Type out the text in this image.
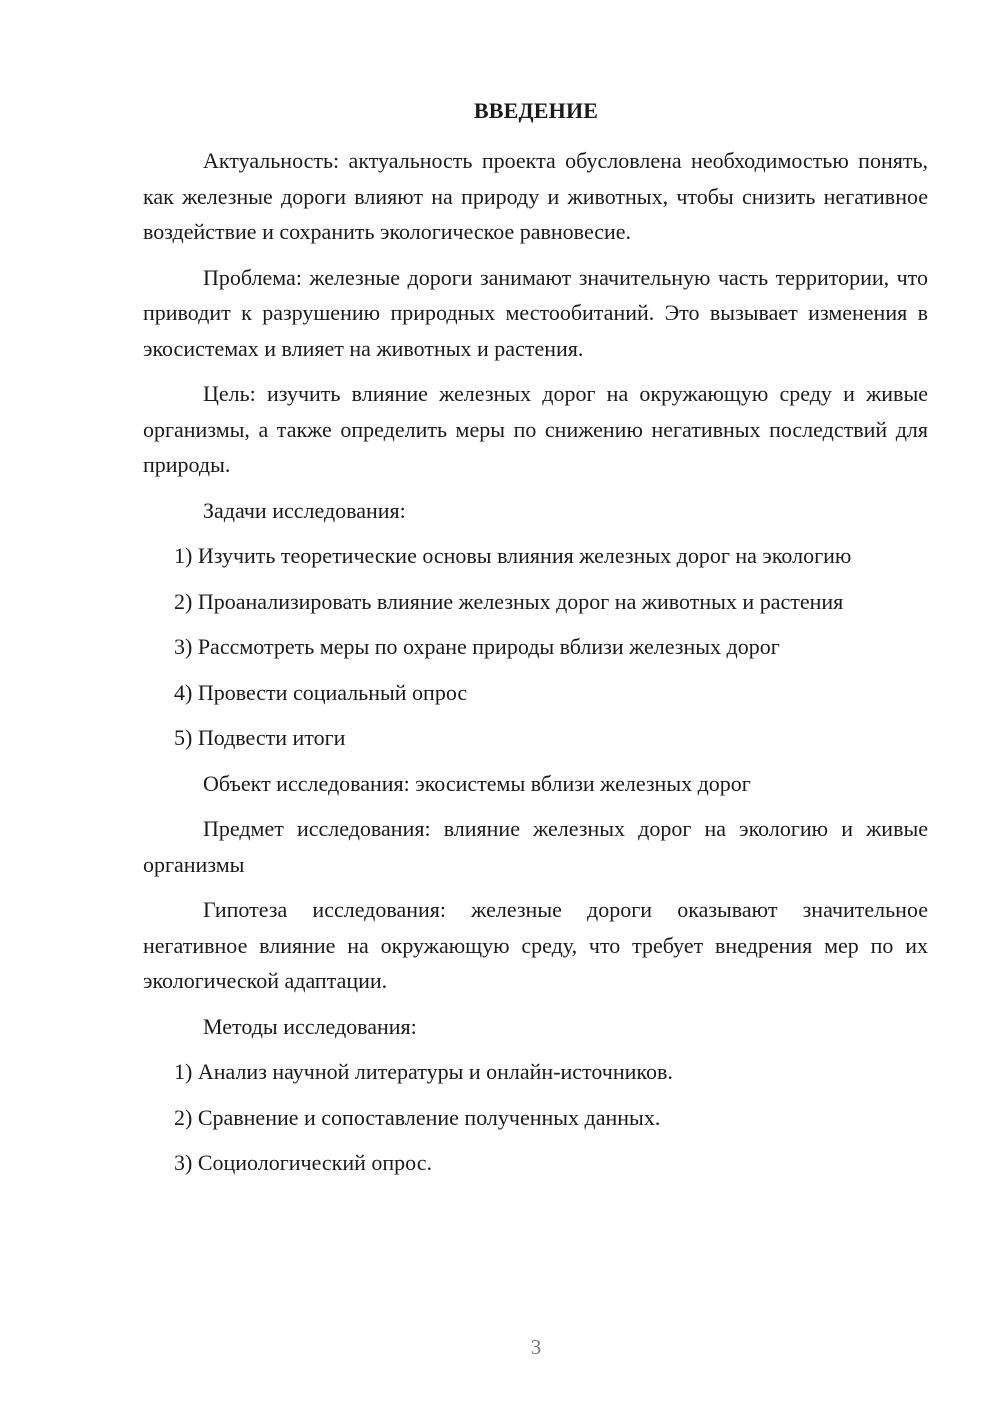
ВВЕДЕНИЕ

Актуальность: актуальность проекта обусловлена необходимостью понять, как железные дороги влияют на природу и животных, чтобы снизить негативное воздействие и сохранить экологическое равновесие.

Проблема: железные дороги занимают значительную часть территории, что приводит к разрушению природных местообитаний. Это вызывает изменения в экосистемах и влияет на животных и растения.

Цель: изучить влияние железных дорог на окружающую среду и живые организмы, а также определить меры по снижению негативных последствий для природы.

Задачи исследования:

1) Изучить теоретические основы влияния железных дорог на экологию

2) Проанализировать влияние железных дорог на животных и растения

3) Рассмотреть меры по охране природы вблизи железных дорог

4) Провести социальный опрос

5) Подвести итоги

Объект исследования: экосистемы вблизи железных дорог

Предмет исследования: влияние железных дорог на экологию и живые организмы

Гипотеза исследования: железные дороги оказывают значительное негативное влияние на окружающую среду, что требует внедрения мер по их экологической адаптации.

Методы исследования:

1) Анализ научной литературы и онлайн-источников.

2) Сравнение и сопоставление полученных данных.

3) Социологический опрос.

3
